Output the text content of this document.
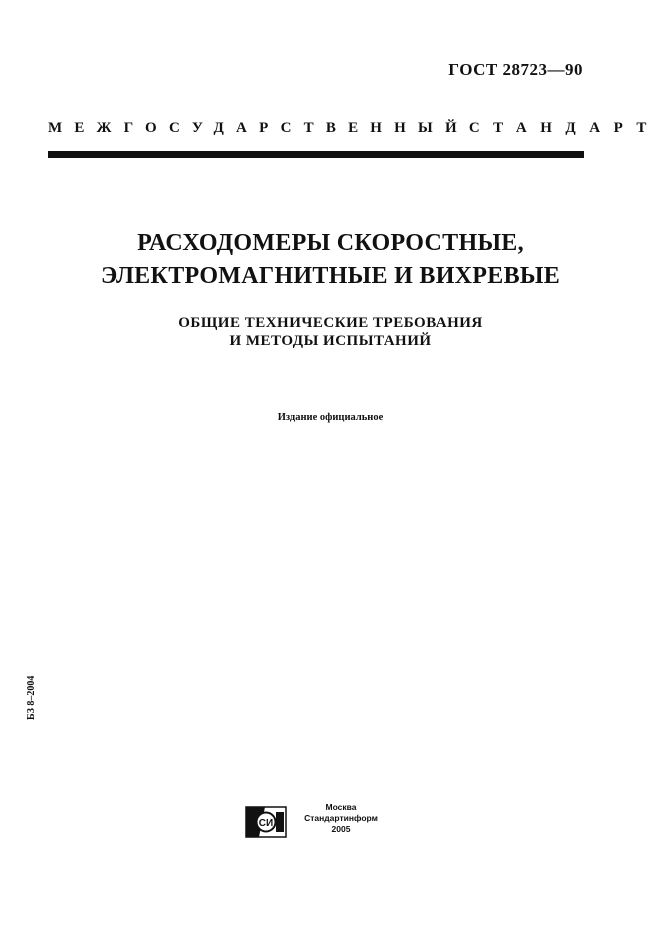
ГОСТ 28723—90
МЕЖГОСУДАРСТВЕННЫЙ СТАНДАРТ
РАСХОДОМЕРЫ СКОРОСТНЫЕ,
ЭЛЕКТРОМАГНИТНЫЕ И ВИХРЕВЫЕ
ОБЩИЕ ТЕХНИЧЕСКИЕ ТРЕБОВАНИЯ
И МЕТОДЫ ИСПЫТАНИЙ
Издание официальное
БЗ 8–2004
СИ
Москва
Стандартинформ
2005
